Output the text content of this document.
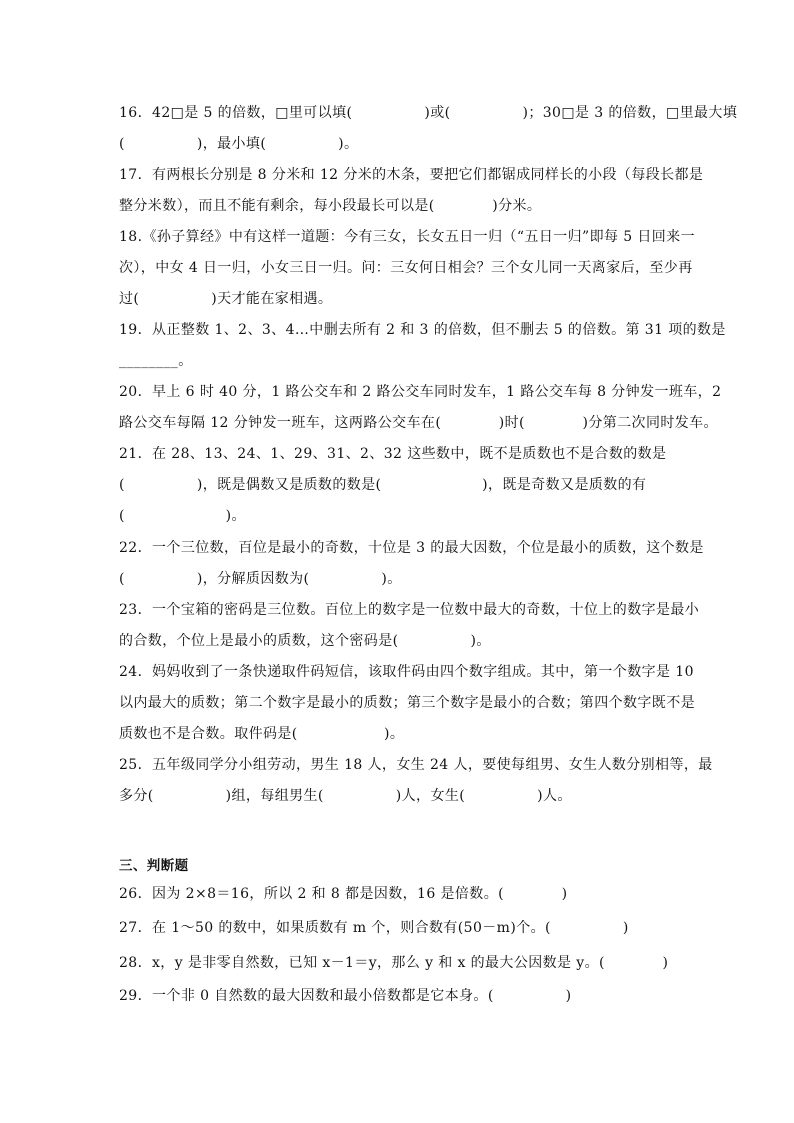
16．42□是 5 的倍数，□里可以填(　　　　　)或(　　　　　)；30□是 3 的倍数，□里最大填
(　　　　　)，最小填(　　　　　)。
17．有两根长分别是 8 分米和 12 分米的木条，要把它们都锯成同样长的小段（每段长都是
整分米数），而且不能有剩余，每小段最长可以是(　　　　)分米。
18.《孙子算经》中有这样一道题：今有三女，长女五日一归（“五日一归”即每 5 日回来一
次），中女 4 日一归，小女三日一归。问：三女何日相会？三个女儿同一天离家后，至少再
过(　　　　　)天才能在家相遇。
19．从正整数 1、2、3、4…中删去所有 2 和 3 的倍数，但不删去 5 的倍数。第 31 项的数是
________。
20．早上 6 时 40 分，1 路公交车和 2 路公交车同时发车，1 路公交车每 8 分钟发一班车，2
路公交车每隔 12 分钟发一班车，这两路公交车在(　　　　)时(　　　　)分第二次同时发车。
21．在 28、13、24、1、29、31、2、32 这些数中，既不是质数也不是合数的数是
(　　　　　)，既是偶数又是质数的数是(　　　　　　　)，既是奇数又是质数的有
(　　　　　　　)。
22．一个三位数，百位是最小的奇数，十位是 3 的最大因数，个位是最小的质数，这个数是
(　　　　　)，分解质因数为(　　　　　)。
23．一个宝箱的密码是三位数。百位上的数字是一位数中最大的奇数，十位上的数字是最小
的合数，个位上是最小的质数，这个密码是(　　　　　)。
24．妈妈收到了一条快递取件码短信，该取件码由四个数字组成。其中，第一个数字是 10
以内最大的质数；第二个数字是最小的质数；第三个数字是最小的合数；第四个数字既不是
质数也不是合数。取件码是(　　　　　　)。
25．五年级同学分小组劳动，男生 18 人，女生 24 人，要使每组男、女生人数分别相等，最
多分(　　　　　)组，每组男生(　　　　　)人，女生(　　　　　)人。
三、判断题
26．因为 2×8＝16，所以 2 和 8 都是因数，16 是倍数。(　　　　)
27．在 1～50 的数中，如果质数有 m 个，则合数有(50－m)个。(　　　　　)
28．x，y 是非零自然数，已知 x－1＝y，那么 y 和 x 的最大公因数是 y。(　　　　)
29．一个非 0 自然数的最大因数和最小倍数都是它本身。(　　　　　)
